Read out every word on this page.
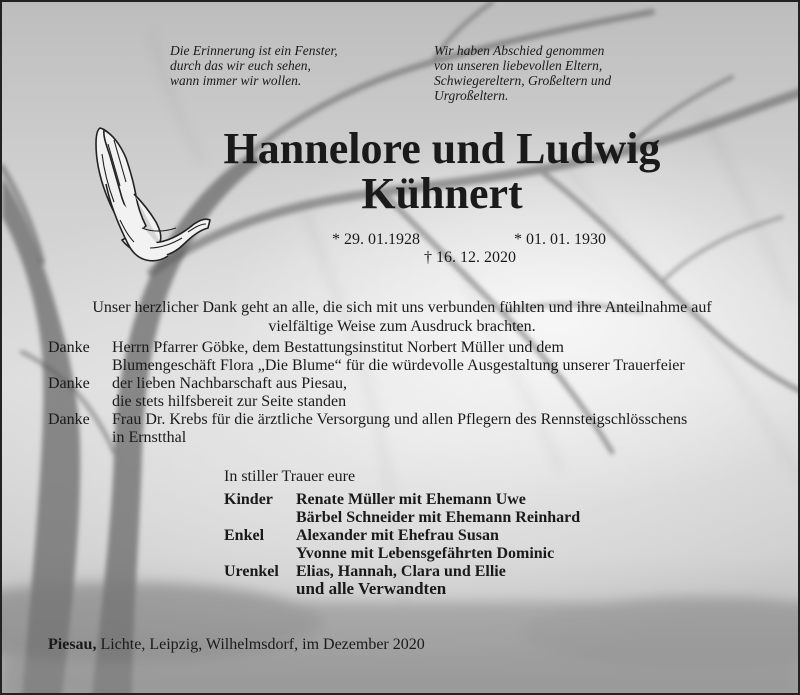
Die Erinnerung ist ein Fenster,
durch das wir euch sehen,
wann immer wir wollen.
Wir haben Abschied genommen
von unseren liebevollen Eltern,
Schwiegereltern, Großeltern und
Urgroßeltern.
Hannelore und Ludwig
Kühnert
* 29. 01.1928	* 01. 01. 1930
† 16. 12. 2020
Unser herzlicher Dank geht an alle, die sich mit uns verbunden fühlten und ihre Anteilnahme auf
vielfältige Weise zum Ausdruck brachten.
Danke Herrn Pfarrer Göbke, dem Bestattungsinstitut Norbert Müller und dem
Blumengeschäft Flora „Die Blume“ für die würdevolle Ausgestaltung unserer Trauerfeier
Danke der lieben Nachbarschaft aus Piesau,
die stets hilfsbereit zur Seite standen
Danke Frau Dr. Krebs für die ärztliche Versorgung und allen Pflegern des Rennsteigschlösschens
in Ernstthal
In stiller Trauer eure
Kinder Renate Müller mit Ehemann Uwe
Bärbel Schneider mit Ehemann Reinhard
Enkel Alexander mit Ehefrau Susan
Yvonne mit Lebensgefährten Dominic
Urenkel Elias, Hannah, Clara und Ellie
und alle Verwandten
Piesau, Lichte, Leipzig, Wilhelmsdorf, im Dezember 2020
